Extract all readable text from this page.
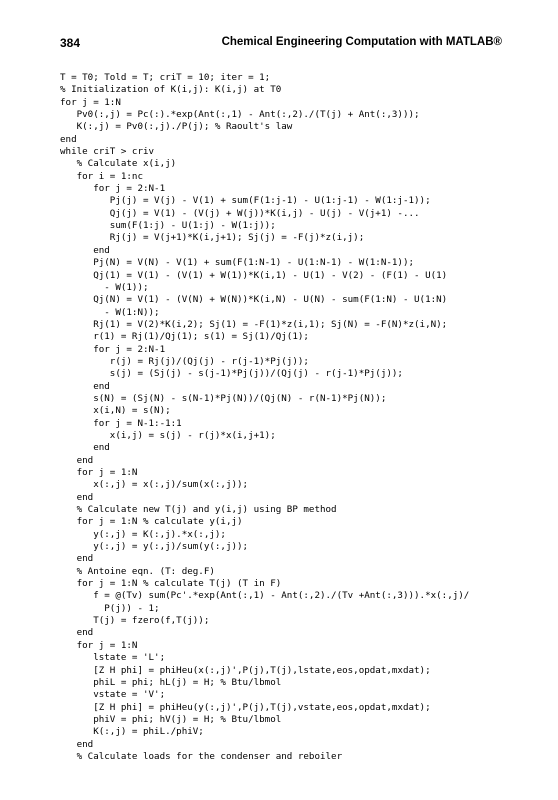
384	Chemical Engineering Computation with MATLAB®
T = T0; Told = T; criT = 10; iter = 1;
% Initialization of K(i,j): K(i,j) at T0
for j = 1:N
Pv0(:,j) = Pc(:).*exp(Ant(:,1) - Ant(:,2)./(T(j) + Ant(:,3)));
K(:,j) = Pv0(:,j)./P(j); % Raoult's law
end
while criT > criv
% Calculate x(i,j)
for i = 1:nc
for j = 2:N-1
Pj(j) = V(j) - V(1) + sum(F(1:j-1) - U(1:j-1) - W(1:j-1));
Qj(j) = V(1) - (V(j) + W(j))*K(i,j) - U(j) - V(j+1) -...
sum(F(1:j) - U(1:j) - W(1:j));
Rj(j) = V(j+1)*K(i,j+1); Sj(j) = -F(j)*z(i,j);
end
Pj(N) = V(N) - V(1) + sum(F(1:N-1) - U(1:N-1) - W(1:N-1));
Qj(1) = V(1) - (V(1) + W(1))*K(i,1) - U(1) - V(2) - (F(1) - U(1)
- W(1));
Qj(N) = V(1) - (V(N) + W(N))*K(i,N) - U(N) - sum(F(1:N) - U(1:N)
- W(1:N));
Rj(1) = V(2)*K(i,2); Sj(1) = -F(1)*z(i,1); Sj(N) = -F(N)*z(i,N);
r(1) = Rj(1)/Qj(1); s(1) = Sj(1)/Qj(1);
for j = 2:N-1
r(j) = Rj(j)/(Qj(j) - r(j-1)*Pj(j));
s(j) = (Sj(j) - s(j-1)*Pj(j))/(Qj(j) - r(j-1)*Pj(j));
end
s(N) = (Sj(N) - s(N-1)*Pj(N))/(Qj(N) - r(N-1)*Pj(N));
x(i,N) = s(N);
for j = N-1:-1:1
x(i,j) = s(j) - r(j)*x(i,j+1);
end
end
for j = 1:N
x(:,j) = x(:,j)/sum(x(:,j));
end
% Calculate new T(j) and y(i,j) using BP method
for j = 1:N % calculate y(i,j)
y(:,j) = K(:,j).*x(:,j);
y(:,j) = y(:,j)/sum(y(:,j));
end
% Antoine eqn. (T: deg.F)
for j = 1:N % calculate T(j) (T in F)
f = @(Tv) sum(Pc'.*exp(Ant(:,1) - Ant(:,2)./(Tv +Ant(:,3))).*x(:,j)/
P(j)) - 1;
T(j) = fzero(f,T(j));
end
for j = 1:N
lstate = 'L';
[Z H phi] = phiHeu(x(:,j)',P(j),T(j),lstate,eos,opdat,mxdat);
phiL = phi; hL(j) = H; % Btu/lbmol
vstate = 'V';
[Z H phi] = phiHeu(y(:,j)',P(j),T(j),vstate,eos,opdat,mxdat);
phiV = phi; hV(j) = H; % Btu/lbmol
K(:,j) = phiL./phiV;
end
% Calculate loads for the condenser and reboiler
